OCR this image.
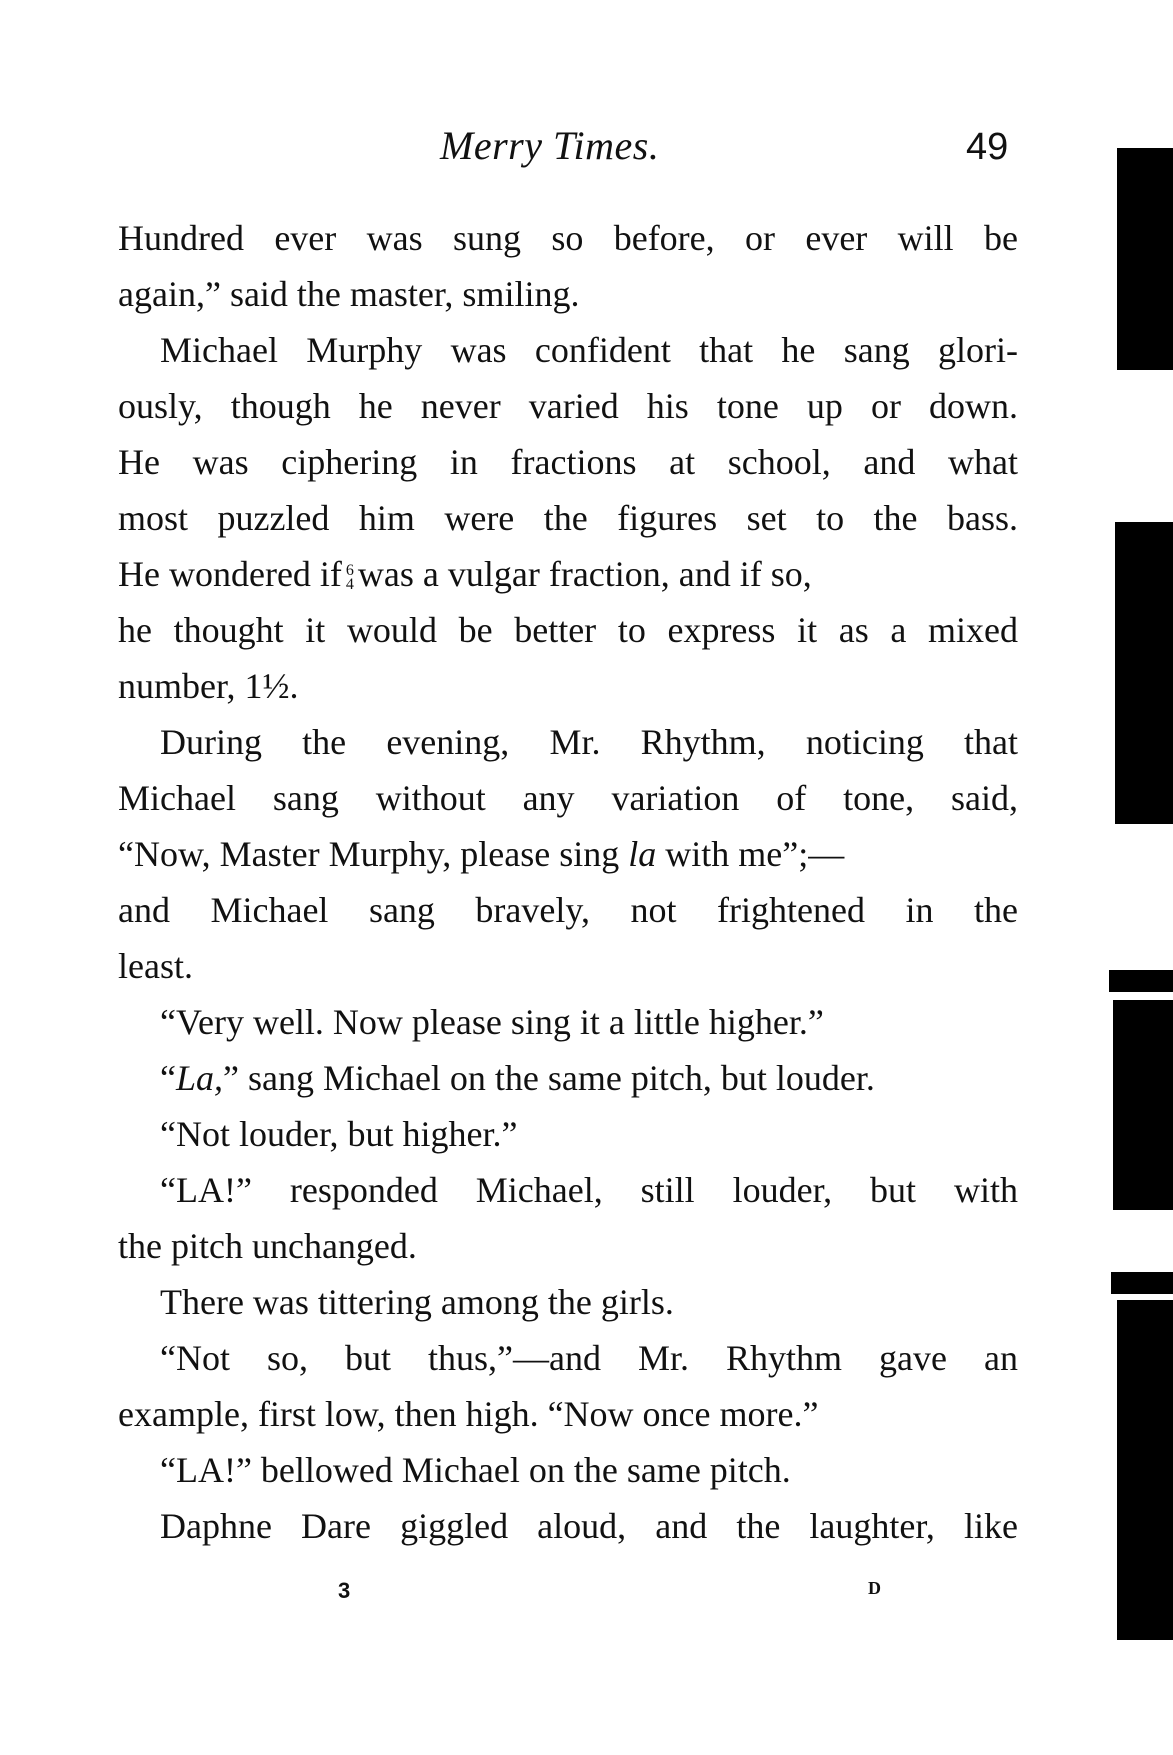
Merry Times.	49
Hundred ever was sung so before, or ever will be
again,” said the master, smiling.
Michael Murphy was confident that he sang glori-
ously, though he never varied his tone up or down.
He was ciphering in fractions at school, and what
most puzzled him were the figures set to the bass.
He wondered if 6
4 was a vulgar fraction, and if so,
he thought it would be better to express it as a mixed
number, 1½.
During the evening, Mr. Rhythm, noticing that
Michael sang without any variation of tone, said,
“Now, Master Murphy, please sing la with me”;—
and Michael sang bravely, not frightened in the
least.
“Very well. Now please sing it a little higher.”
“La,” sang Michael on the same pitch, but louder.
“Not louder, but higher.”
“LA!” responded Michael, still louder, but with
the pitch unchanged.
There was tittering among the girls.
“Not so, but thus,”—and Mr. Rhythm gave an
example, first low, then high. “Now once more.”
“LA!” bellowed Michael on the same pitch.
Daphne Dare giggled aloud, and the laughter, like
3	D
